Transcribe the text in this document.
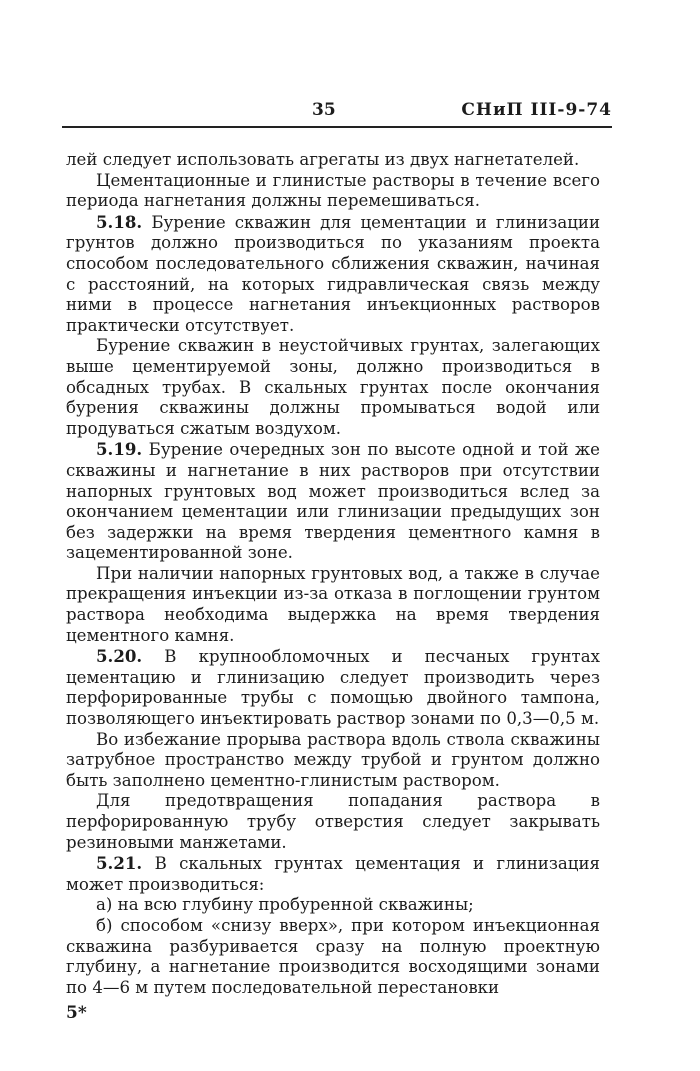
35	СНиП III-9-74

лей следует использовать агрегаты из двух нагнетателей.

Цементационные и глинистые растворы в течение всего периода нагнетания должны перемешиваться.

5.18. Бурение скважин для цементации и глинизации грунтов должно производиться по указаниям проекта способом последовательного сближения скважин, начиная с расстояний, на которых гидравлическая связь между ними в процессе нагнетания инъекционных растворов практически отсутствует.

Бурение скважин в неустойчивых грунтах, залегающих выше цементируемой зоны, должно производиться в обсадных трубах. В скальных грунтах после окончания бурения скважины должны промываться водой или продуваться сжатым воздухом.

5.19. Бурение очередных зон по высоте одной и той же скважины и нагнетание в них растворов при отсутствии напорных грунтовых вод может производиться вслед за окончанием цементации или глинизации предыдущих зон без задержки на время твердения цементного камня в зацементированной зоне.

При наличии напорных грунтовых вод, а также в случае прекращения инъекции из-за отказа в поглощении грунтом раствора необходима выдержка на время твердения цементного камня.

5.20. В крупнообломочных и песчаных грунтах цементацию и глинизацию следует производить через перфорированные трубы с помощью двойного тампона, позволяющего инъектировать раствор зонами по 0,3—0,5 м.

Во избежание прорыва раствора вдоль ствола скважины затрубное пространство между трубой и грунтом должно быть заполнено цементно-глинистым раствором.

Для предотвращения попадания раствора в перфорированную трубу отверстия следует закрывать резиновыми манжетами.

5.21. В скальных грунтах цементация и глинизация может производиться:

а) на всю глубину пробуренной скважины;

б) способом «снизу вверх», при котором инъекционная скважина разбуривается сразу на полную проектную глубину, а нагнетание производится восходящими зонами по 4—6 м путем последовательной перестановки

5*
